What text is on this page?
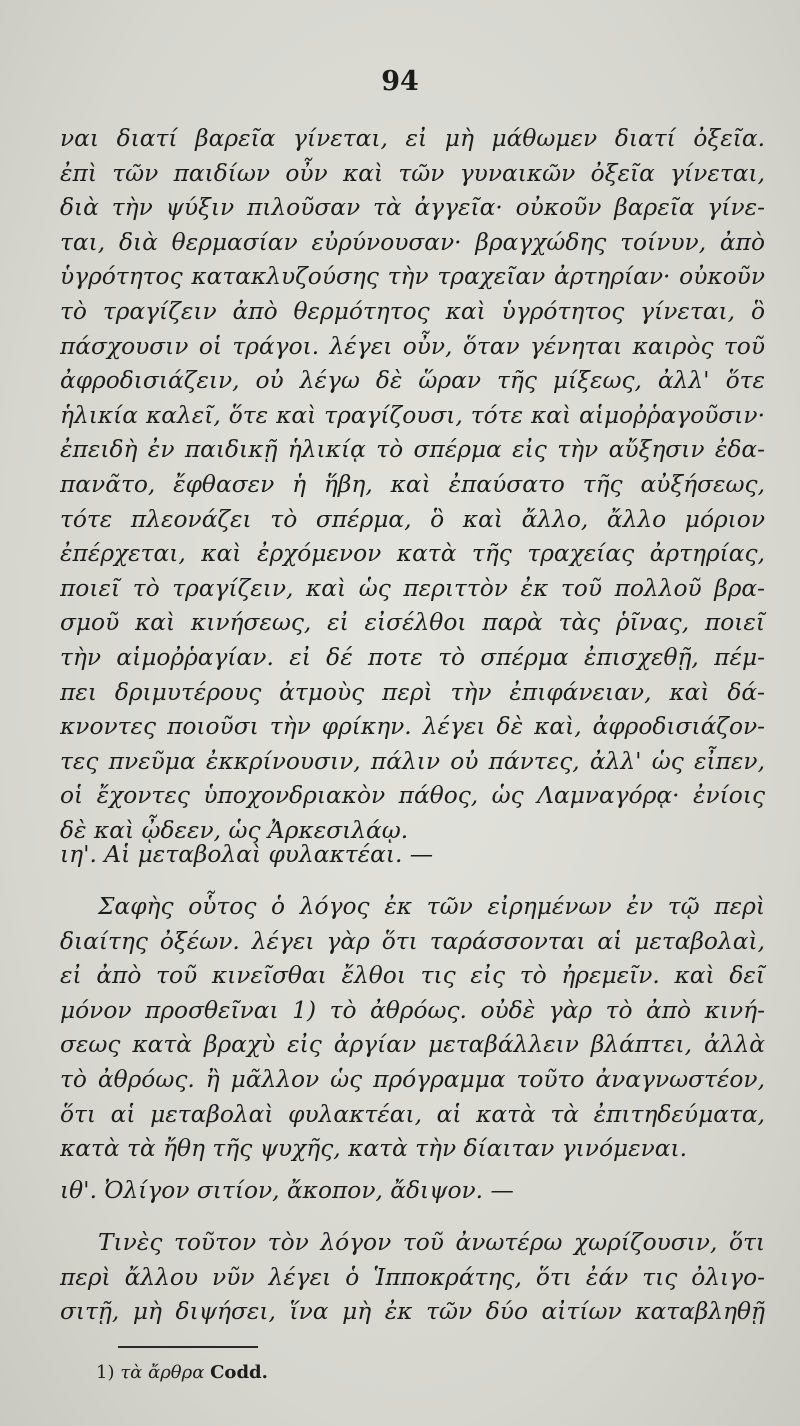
94
ναι διατί βαρεῖα γίνεται, εἰ μὴ μάθωμεν διατί ὀξεῖα.
ἐπὶ τῶν παιδίων οὖν καὶ τῶν γυναικῶν ὀξεῖα γίνεται,
διὰ τὴν ψύξιν πιλοῦσαν τὰ ἀγγεῖα· οὐκοῦν βαρεῖα γίνε-
ται, διὰ θερμασίαν εὐρύνουσαν· βραγχώδης τοίνυν, ἀπὸ
ὑγρότητος κατακλυζούσης τὴν τραχεῖαν ἀρτηρίαν· οὐκοῦν
τὸ τραγίζειν ἀπὸ θερμότητος καὶ ὑγρότητος γίνεται, ὃ
πάσχουσιν οἱ τράγοι. λέγει οὖν, ὅταν γένηται καιρὸς τοῦ
ἀφροδισιάζειν, οὐ λέγω δὲ ὥραν τῆς μίξεως, ἀλλ' ὅτε
ἡλικία καλεῖ, ὅτε καὶ τραγίζουσι, τότε καὶ αἱμοῤῥαγοῦσιν·
ἐπειδὴ ἐν παιδικῇ ἡλικίᾳ τὸ σπέρμα εἰς τὴν αὔξησιν ἐδα-
πανᾶτο, ἔφθασεν ἡ ἥβη, καὶ ἐπαύσατο τῆς αὐξήσεως,
τότε πλεονάζει τὸ σπέρμα, ὃ καὶ ἄλλο, ἄλλο μόριον
ἐπέρχεται, καὶ ἐρχόμενον κατὰ τῆς τραχείας ἀρτηρίας,
ποιεῖ τὸ τραγίζειν, καὶ ὡς περιττὸν ἐκ τοῦ πολλοῦ βρα-
σμοῦ καὶ κινήσεως, εἰ εἰσέλθοι παρὰ τὰς ῥῖνας, ποιεῖ
τὴν αἱμοῤῥαγίαν. εἰ δέ ποτε τὸ σπέρμα ἐπισχεθῇ, πέμ-
πει δριμυτέρους ἀτμοὺς περὶ τὴν ἐπιφάνειαν, καὶ δά-
κνοντες ποιοῦσι τὴν φρίκην. λέγει δὲ καὶ, ἀφροδισιάζον-
τες πνεῦμα ἐκκρίνουσιν, πάλιν οὐ πάντες, ἀλλ' ὡς εἶπεν,
οἱ ἔχοντες ὑποχονδριακὸν πάθος, ὡς Λαμναγόρᾳ· ἐνίοις
δὲ καὶ ᾦδεεν, ὡς Ἀρκεσιλάῳ.
ιη'. Αἱ μεταβολαὶ φυλακτέαι. —
Σαφὴς οὗτος ὁ λόγος ἐκ τῶν εἰρημένων ἐν τῷ περὶ
διαίτης ὀξέων. λέγει γὰρ ὅτι ταράσσονται αἱ μεταβολαὶ,
εἰ ἀπὸ τοῦ κινεῖσθαι ἔλθοι τις εἰς τὸ ἠρεμεῖν. καὶ δεῖ
μόνον προσθεῖναι 1) τὸ ἀθρόως. οὐδὲ γὰρ τὸ ἀπὸ κινή-
σεως κατὰ βραχὺ εἰς ἀργίαν μεταβάλλειν βλάπτει, ἀλλὰ
τὸ ἀθρόως. ἢ μᾶλλον ὡς πρόγραμμα τοῦτο ἀναγνωστέον,
ὅτι αἱ μεταβολαὶ φυλακτέαι, αἱ κατὰ τὰ ἐπιτηδεύματα,
κατὰ τὰ ἤθη τῆς ψυχῆς, κατὰ τὴν δίαιταν γινόμεναι.
ιθ'. Ὀλίγον σιτίον, ἄκοπον, ἄδιψον. —
Τινὲς τοῦτον τὸν λόγον τοῦ ἀνωτέρω χωρίζουσιν, ὅτι
περὶ ἄλλου νῦν λέγει ὁ Ἱπποκράτης, ὅτι ἐάν τις ὀλιγο-
σιτῇ, μὴ διψήσει, ἵνα μὴ ἐκ τῶν δύο αἰτίων καταβληθῇ
1) τὰ ἄρθρα Codd.
